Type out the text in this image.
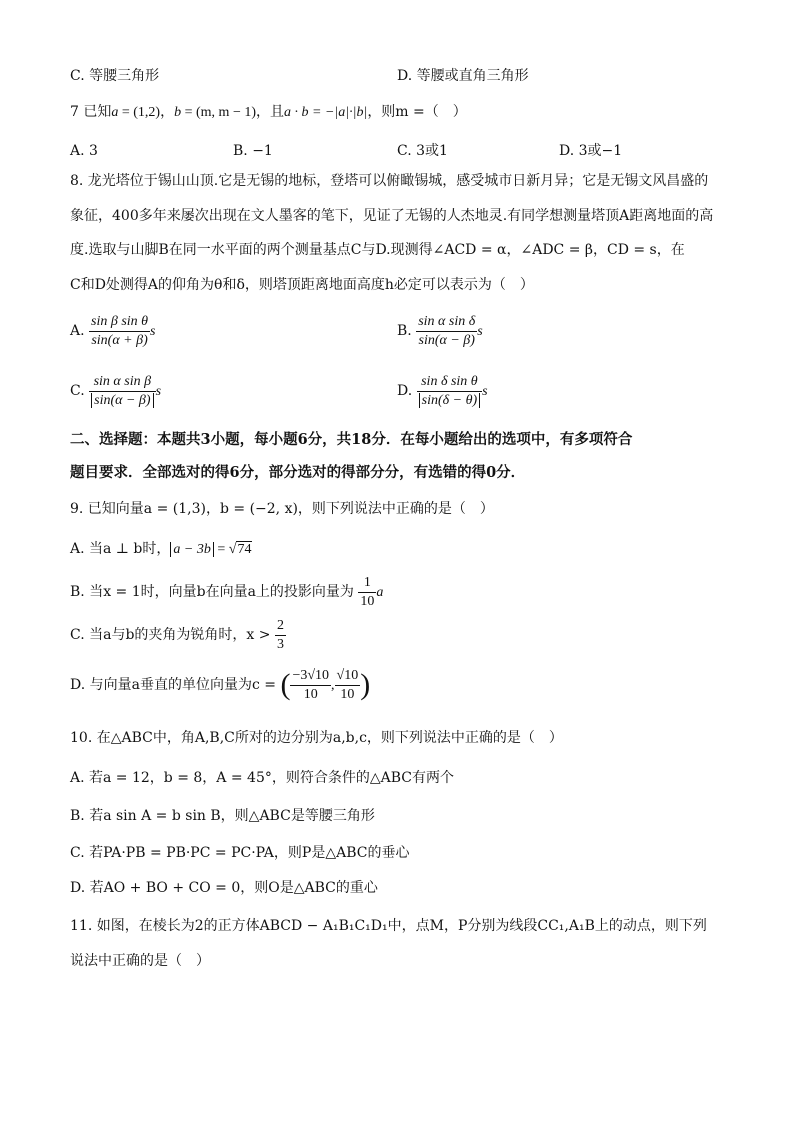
C. 等腰三角形	D. 等腰或直角三角形
7 已知a = (1,2)，b = (m, m − 1)，且a · b = −|a|·|b|，则m =（　）
A. 3	B. −1	C. 3或1	D. 3或−1
8. 龙光塔位于锡山山顶.它是无锡的地标，登塔可以俯瞰锡城，感受城市日新月异；它是无锡文风昌盛的
象征，400多年来屡次出现在文人墨客的笔下，见证了无锡的人杰地灵.有同学想测量塔顶A距离地面的高
度.选取与山脚B在同一水平面的两个测量基点C与D.现测得∠ACD = α，∠ADC = β，CD = s，在
C和D处测得A的仰角为θ和δ，则塔顶距离地面高度h必定可以表示为（　）
A. $\frac{\text{sin β sin θ}}{\sin(\alpha + \beta)}$ s	B. $\frac{\text{sin α sin δ}}{\sin(\alpha - \beta)}$ s
C. $\frac{\text{sin α sin β}}{\sin(\alpha - \beta)}$ s	D. $\frac{\text{sin δ sin θ}}{\sin(\delta - \theta)}$ s
二、选择题：本题共3小题，每小题6分，共18分．在每小题给出的选项中，有多项符合
题目要求．全部选对的得6分，部分选对的得部分分，有选错的得0分．
9. 已知向量a = (1,3)，b = (−2, x)，则下列说法中正确的是（　）
A. 当a ⊥ b时， a − 3b = √74
B. 当x = 1时，向量b在向量a上的投影向量为 $\frac{1}{10}$ a
C. 当a与b的夹角为锐角时，$x > \frac{2}{3}$
D. 与向量a垂直的单位向量为c = ( $\frac{-3√10}{10}$ , $\frac{√10}{10}$ )
10. 在△ABC中，角A,B,C所对的边分别为a,b,c，则下列说法中正确的是（　）
A. 若a = 12，b = 8，A = 45°，则符合条件的△ABC有两个
B. 若a sin A = b sin B，则△ABC是等腰三角形
C. 若PA·PB = PB·PC = PC·PA，则P是△ABC的垂心
D. 若AO + BO + CO = 0，则O是△ABC的重心
11. 如图，在棱长为2的正方体ABCD − A₁B₁C₁D₁中，点M，P分别为线段CC₁,A₁B上的动点，则下列
说法中正确的是（　）
